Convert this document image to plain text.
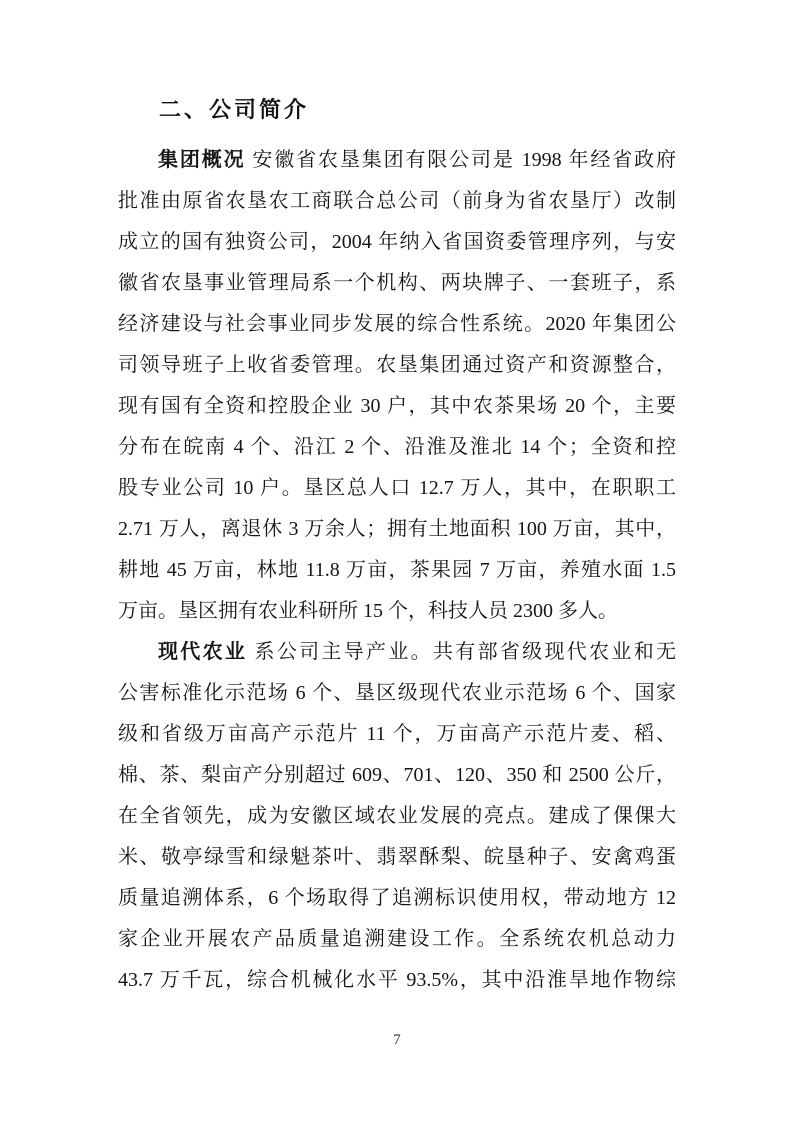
二、公司简介
集团概况 安徽省农垦集团有限公司是 1998 年经省政府
批准由原省农垦农工商联合总公司（前身为省农垦厅）改制
成立的国有独资公司，2004 年纳入省国资委管理序列，与安
徽省农垦事业管理局系一个机构、两块牌子、一套班子，系
经济建设与社会事业同步发展的综合性系统。2020 年集团公
司领导班子上收省委管理。农垦集团通过资产和资源整合，
现有国有全资和控股企业 30 户，其中农茶果场 20 个，主要
分布在皖南 4 个、沿江 2 个、沿淮及淮北 14 个；全资和控
股专业公司 10 户。垦区总人口 12.7 万人，其中，在职职工
2.71 万人，离退休 3 万余人；拥有土地面积 100 万亩，其中，
耕地 45 万亩，林地 11.8 万亩，茶果园 7 万亩，养殖水面 1.5
万亩。垦区拥有农业科研所 15 个，科技人员 2300 多人。
现代农业 系公司主导产业。共有部省级现代农业和无
公害标准化示范场 6 个、垦区级现代农业示范场 6 个、国家
级和省级万亩高产示范片 11 个，万亩高产示范片麦、稻、
棉、茶、梨亩产分别超过 609、701、120、350 和 2500 公斤，
在全省领先，成为安徽区域农业发展的亮点。建成了倮倮大
米、敬亭绿雪和绿魁茶叶、翡翠酥梨、皖垦种子、安禽鸡蛋
质量追溯体系，6 个场取得了追溯标识使用权，带动地方 12
家企业开展农产品质量追溯建设工作。全系统农机总动力
43.7 万千瓦，综合机械化水平 93.5%，其中沿淮旱地作物综
7
